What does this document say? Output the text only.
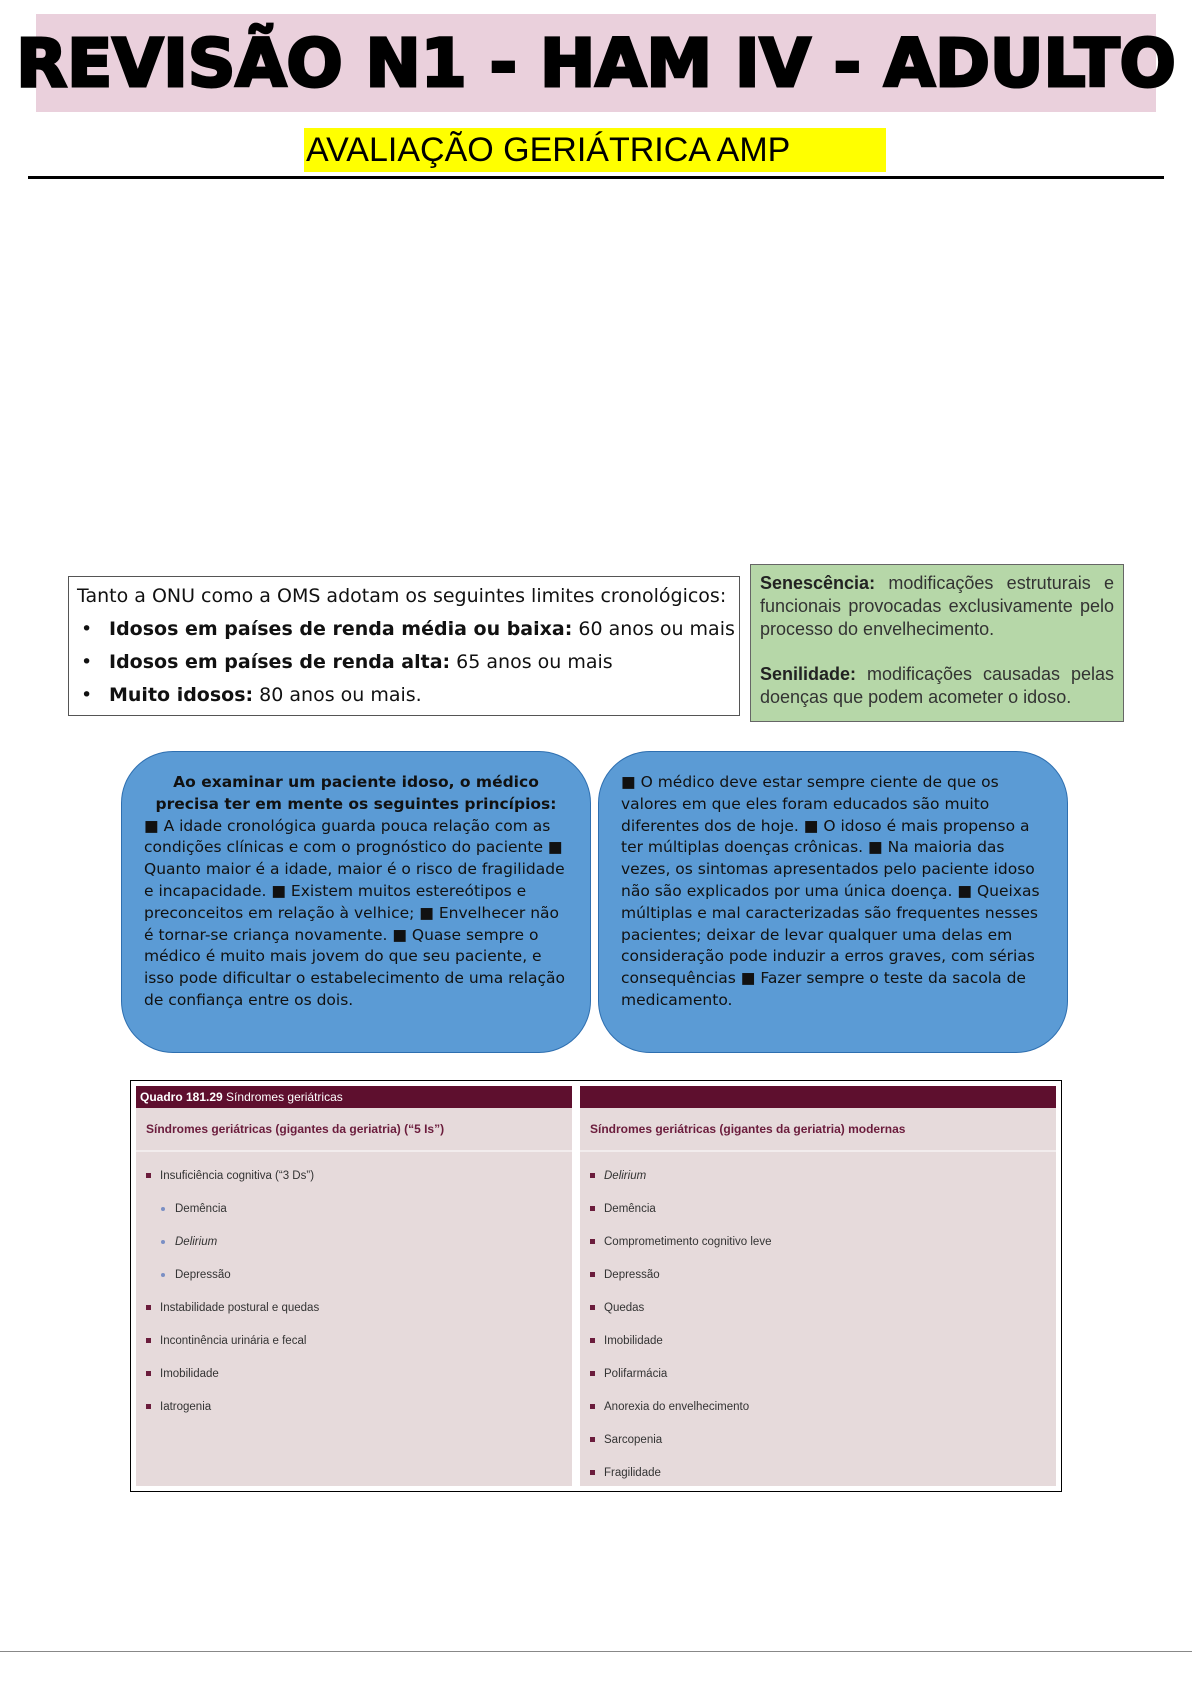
REVISÃO N1 - HAM IV - ADULTO
AVALIAÇÃO GERIÁTRICA AMP
Tanto a ONU como a OMS adotam os seguintes limites cronológicos:
• Idosos em países de renda média ou baixa: 60 anos ou mais
• Idosos em países de renda alta: 65 anos ou mais
• Muito idosos: 80 anos ou mais.

Senescência: modificações estruturais e funcionais provocadas exclusivamente pelo processo do envelhecimento.

Senilidade: modificações causadas pelas doenças que podem acometer o idoso.

Ao examinar um paciente idoso, o médico precisa ter em mente os seguintes princípios:
■ A idade cronológica guarda pouca relação com as condições clínicas e com o prognóstico do paciente ■ Quanto maior é a idade, maior é o risco de fragilidade e incapacidade. ■ Existem muitos estereótipos e preconceitos em relação à velhice; ■ Envelhecer não é tornar-se criança novamente. ■ Quase sempre o médico é muito mais jovem do que seu paciente, e isso pode dificultar o estabelecimento de uma relação de confiança entre os dois.
■ O médico deve estar sempre ciente de que os valores em que eles foram educados são muito diferentes dos de hoje. ■ O idoso é mais propenso a ter múltiplas doenças crônicas. ■ Na maioria das vezes, os sintomas apresentados pelo paciente idoso não são explicados por uma única doença. ■ Queixas múltiplas e mal caracterizadas são frequentes nesses pacientes; deixar de levar qualquer uma delas em consideração pode induzir a erros graves, com sérias consequências ■ Fazer sempre o teste da sacola de medicamento.
Quadro 181.29 Síndromes geriátricas
Síndromes geriátricas (gigantes da geriatria) (“5 Is”)
Insuficiência cognitiva (“3 Ds”)
Demência
Delirium
Depressão
Instabilidade postural e quedas
Incontinência urinária e fecal
Imobilidade
Iatrogenia
Síndromes geriátricas (gigantes da geriatria) modernas
Delirium
Demência
Comprometimento cognitivo leve
Depressão
Quedas
Imobilidade
Polifarmácia
Anorexia do envelhecimento
Sarcopenia
Fragilidade
